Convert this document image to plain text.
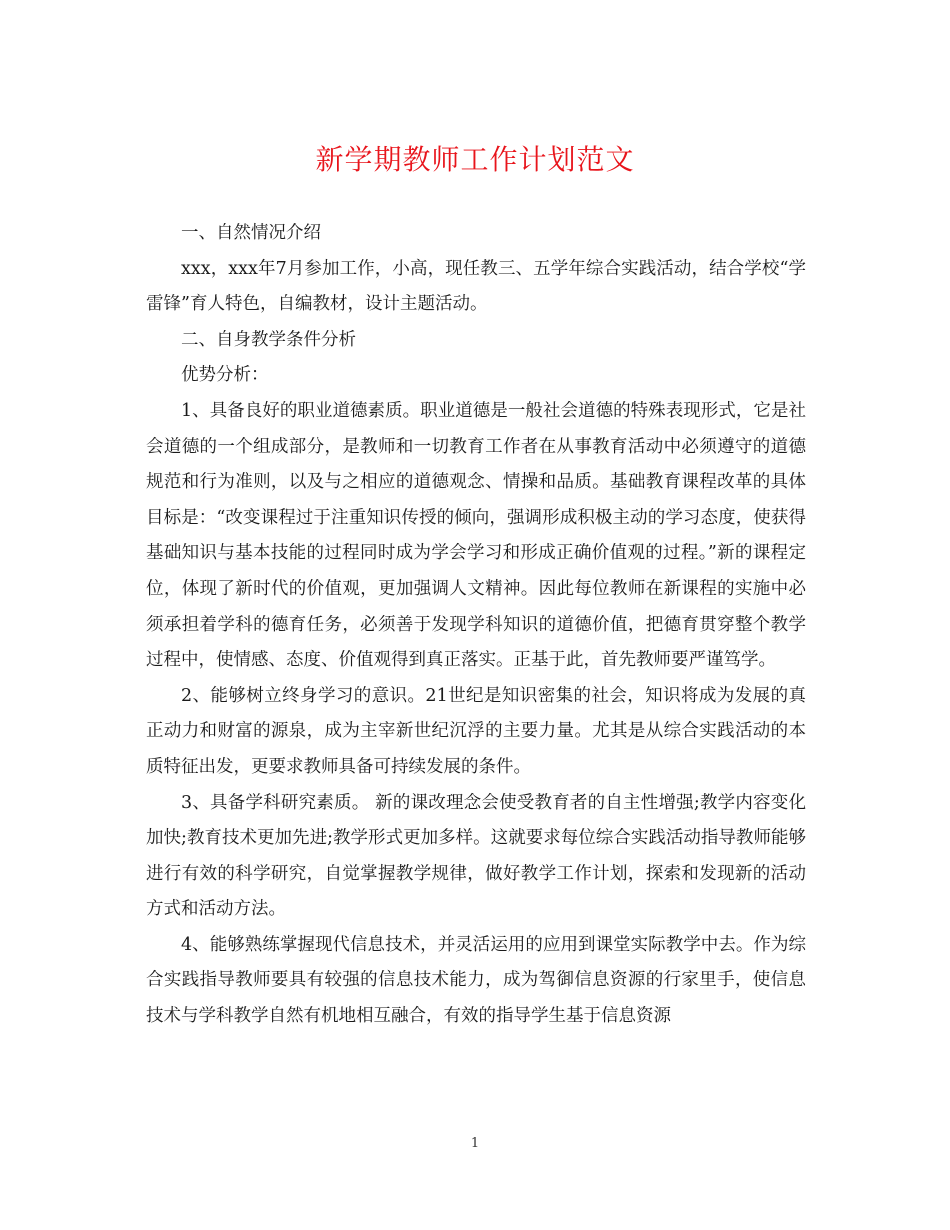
新学期教师工作计划范文

一、自然情况介绍

xxx，xxx年7月参加工作，小高，现任教三、五学年综合实践活动，结合学校“学雷锋”育人特色，自编教材，设计主题活动。

二、自身教学条件分析

优势分析：

1、具备良好的职业道德素质。职业道德是一般社会道德的特殊表现形式，它是社会道德的一个组成部分，是教师和一切教育工作者在从事教育活动中必须遵守的道德规范和行为准则，以及与之相应的道德观念、情操和品质。基础教育课程改革的具体目标是：“改变课程过于注重知识传授的倾向，强调形成积极主动的学习态度，使获得基础知识与基本技能的过程同时成为学会学习和形成正确价值观的过程。”新的课程定位，体现了新时代的价值观，更加强调人文精神。因此每位教师在新课程的实施中必须承担着学科的德育任务，必须善于发现学科知识的道德价值，把德育贯穿整个教学过程中，使情感、态度、价值观得到真正落实。正基于此，首先教师要严谨笃学。

2、能够树立终身学习的意识。21世纪是知识密集的社会，知识将成为发展的真正动力和财富的源泉，成为主宰新世纪沉浮的主要力量。尤其是从综合实践活动的本质特征出发，更要求教师具备可持续发展的条件。

3、具备学科研究素质。 新的课改理念会使受教育者的自主性增强;教学内容变化加快;教育技术更加先进;教学形式更加多样。这就要求每位综合实践活动指导教师能够进行有效的科学研究，自觉掌握教学规律，做好教学工作计划，探索和发现新的活动方式和活动方法。

4、能够熟练掌握现代信息技术，并灵活运用的应用到课堂实际教学中去。作为综合实践指导教师要具有较强的信息技术能力，成为驾御信息资源的行家里手，使信息技术与学科教学自然有机地相互融合，有效的指导学生基于信息资源

1
